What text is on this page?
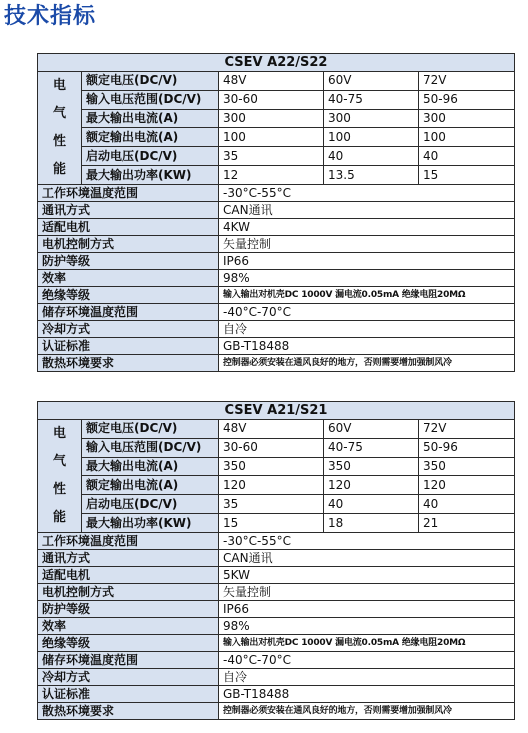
技术指标
CSEV A22/S22				

电
气
性
能	额定电压(DC/V)	48V	60V	72V
	输入电压范围(DC/V)	30-60	40-75	50-96
	最大输出电流(A)	300	300	300
	额定输出电流(A)	100	100	100
	启动电压(DC/V)	35	40	40
	最大输出功率(KW)	12	13.5	15
工作环境温度范围		-30°C-55°C		
通讯方式		CAN通讯		
适配电机		4KW		
电机控制方式		矢量控制		
防护等级		IP66		
效率		98%		
绝缘等级		输入输出对机壳DC 1000V 漏电流0.05mA 绝缘电阻20MΩ		
储存环境温度范围		-40°C-70°C		
冷却方式		自冷		
认证标准		GB-T18488		
散热环境要求		控制器必须安装在通风良好的地方，否则需要增加强制风冷		
CSEV A21/S21				

电
气
性
能	额定电压(DC/V)	48V	60V	72V
	输入电压范围(DC/V)	30-60	40-75	50-96
	最大输出电流(A)	350	350	350
	额定输出电流(A)	120	120	120
	启动电压(DC/V)	35	40	40
	最大输出功率(KW)	15	18	21
工作环境温度范围		-30°C-55°C		
通讯方式		CAN通讯		
适配电机		5KW		
电机控制方式		矢量控制		
防护等级		IP66		
效率		98%		
绝缘等级		输入输出对机壳DC 1000V 漏电流0.05mA 绝缘电阻20MΩ		
储存环境温度范围		-40°C-70°C		
冷却方式		自冷		
认证标准		GB-T18488		
散热环境要求		控制器必须安装在通风良好的地方，否则需要增加强制风冷		
